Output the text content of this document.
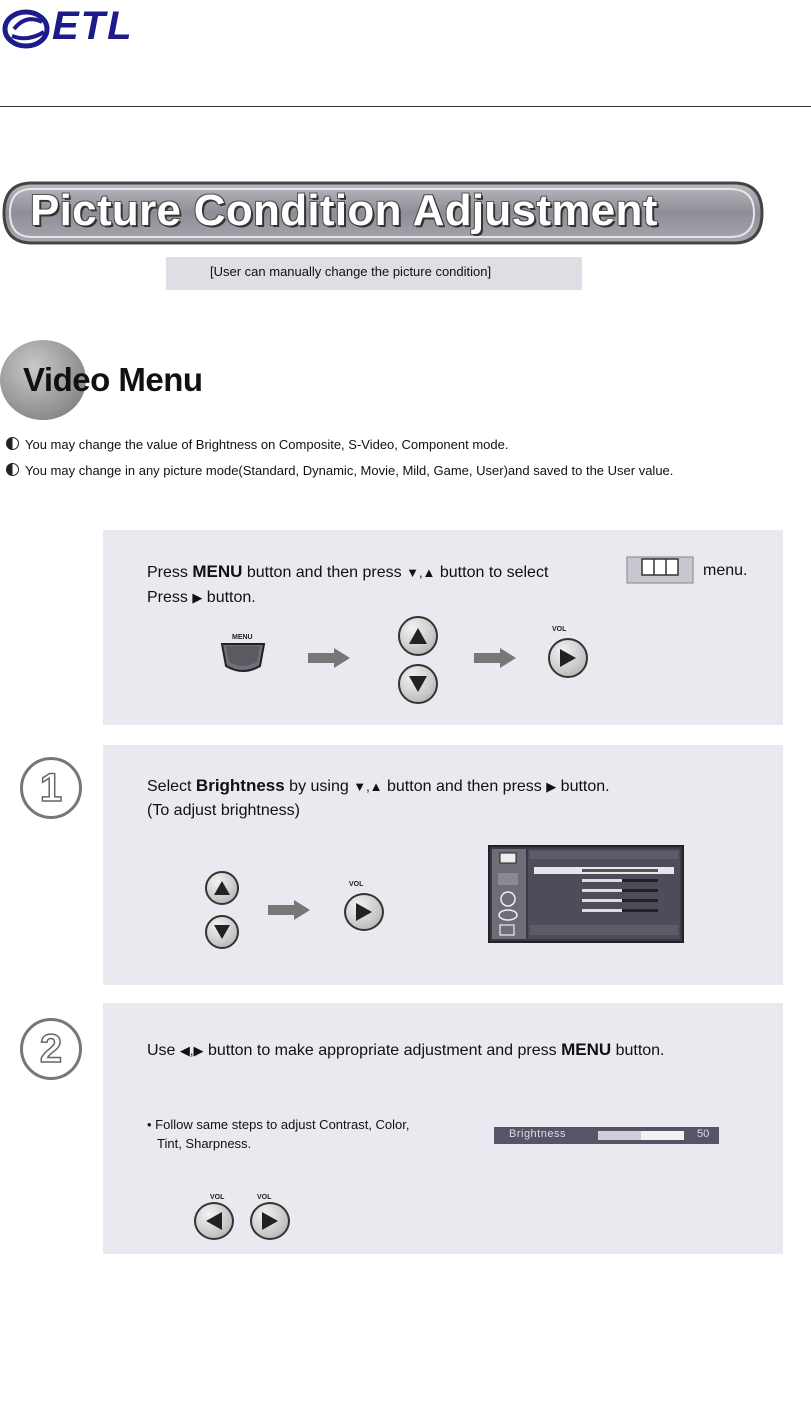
ETL
Picture Condition Adjustment
[User can manually change the picture condition]
Video Menu
You may change the value of Brightness on Composite, S-Video, Component mode.
You may change in any picture mode(Standard, Dynamic, Movie, Mild, Game, User)and saved to the User value.
Press MENU button and then press ▼,▲ button to select	menu.
Press ▶ button.
MENU
VOL
1	Select Brightness by using ▼,▲ button and then press ▶ button.
(To adjust brightness)
VOL
2	Use ◀,▶ button to make appropriate adjustment and press MENU button.
• Follow same steps to adjust Contrast, Color,
Tint, Sharpness.
Brightness	50
VOL	VOL
